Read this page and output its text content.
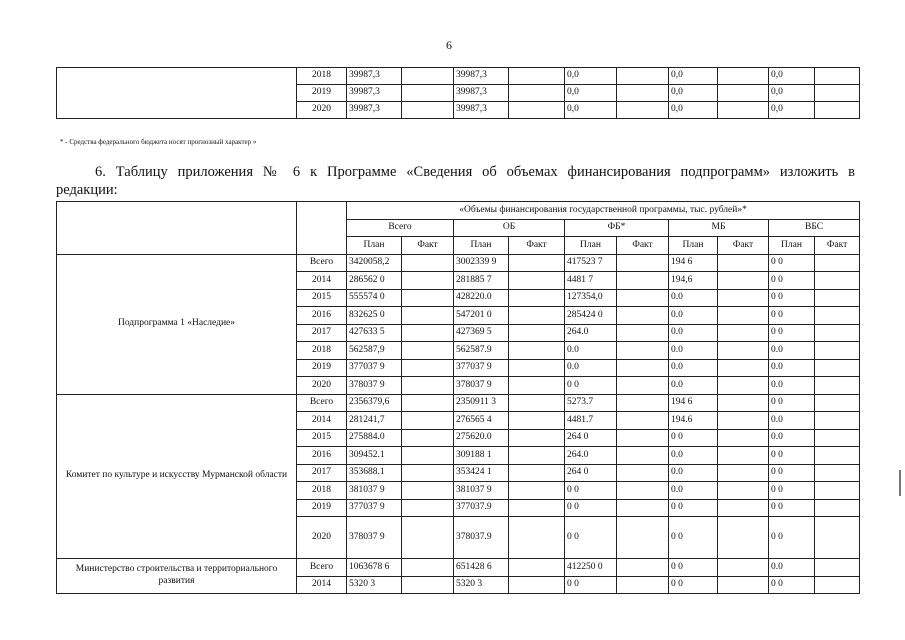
6
	2018	39987,3		39987,3		0,0		0,0		0,0	
	2019	39987,3		39987,3		0,0		0,0		0,0	
	2020	39987,3		39987,3		0,0		0,0		0,0	
* - Средства федерального бюджета носят прогнозный характер »
6. Таблицу приложения № 6 к Программе «Сведения об объемах финансирования подпрограмм» изложить в
редакции:
		«Объемы финансирования государственной программы, тыс. рублей»*									
		Всего		ОБ		ФБ*		МБ		ВБС	
		План	Факт	План	Факт	План	Факт	План	Факт	План	Факт
Подпрограмма 1 «Наследие»	Всего	3420058,2		3002339 9		417523 7		194 6		0 0	
	2014	286562 0		281885 7		4481 7		194,6		0 0	
	2015	555574 0		428220.0		127354,0		0.0		0 0	
	2016	832625 0		547201 0		285424 0		0.0		0 0	
	2017	427633 5		427369 5		264.0		0.0		0 0	
	2018	562587,9		562587.9		0.0		0.0		0.0	
	2019	377037 9		377037 9		0.0		0.0		0.0	
	2020	378037 9		378037 9		0 0		0.0		0.0	
Комитет по культуре и искусству Мурманской области	Всего	2356379,6		2350911 3		5273.7		194 6		0 0	
	2014	281241,7		276565 4		4481.7		194.6		0.0	
	2015	275884.0		275620.0		264 0		0 0		0.0	
	2016	309452.1		309188 1		264.0		0.0		0 0	
	2017	353688.1		353424 1		264 0		0.0		0 0	
	2018	381037 9		381037 9		0 0		0.0		0 0	
	2019	377037 9		377037.9		0 0		0 0		0 0	
	2020	378037 9		378037.9		0 0		0 0		0 0	
Министерство строительства и территориального развития	Всего	1063678 6		651428 6		412250 0		0 0		0.0	
	2014	5320 3		5320 3		0 0		0 0		0 0	
